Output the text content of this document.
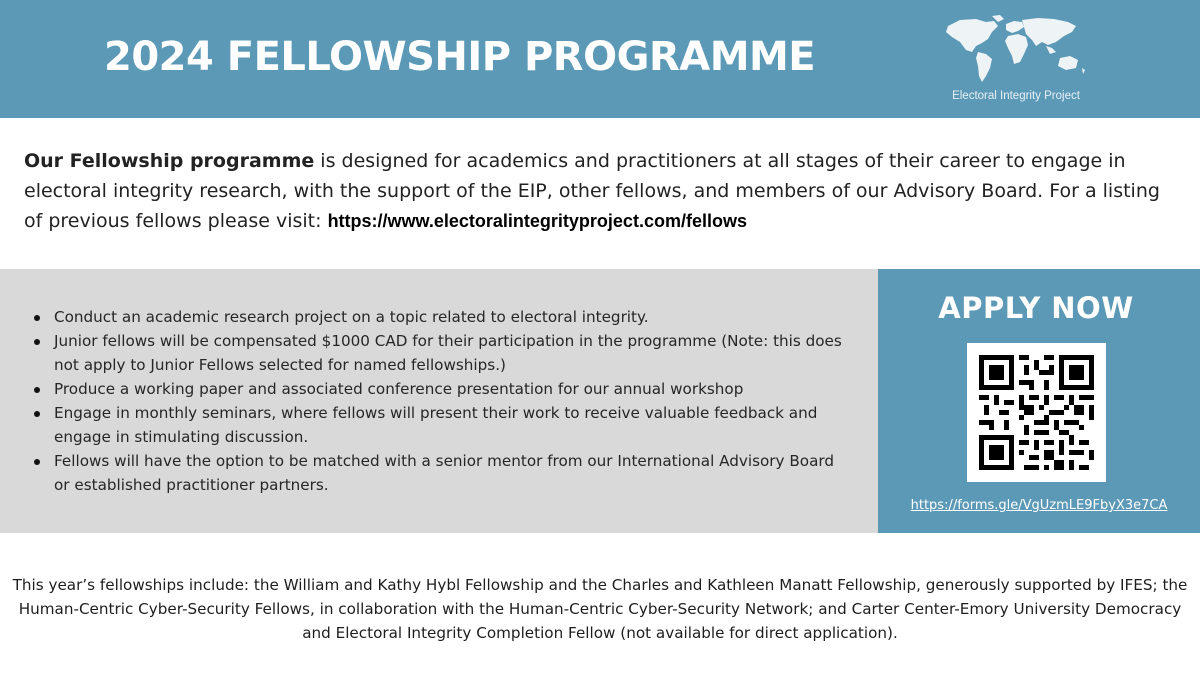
2024 FELLOWSHIP PROGRAMME
Electoral Integrity Project
Our Fellowship programme is designed for academics and practitioners at all stages of their career to engage in electoral integrity research, with the support of the EIP, other fellows, and members of our Advisory Board. For a listing of previous fellows please visit: https://www.electoralintegrityproject.com/fellows
Conduct an academic research project on a topic related to electoral integrity.
Junior fellows will be compensated $1000 CAD for their participation in the programme (Note: this does not apply to Junior Fellows selected for named fellowships.)
Produce a working paper and associated conference presentation for our annual workshop
Engage in monthly seminars, where fellows will present their work to receive valuable feedback and engage in stimulating discussion.
Fellows will have the option to be matched with a senior mentor from our International Advisory Board or established practitioner partners.
APPLY NOW
https://forms.gle/VgUzmLE9FbyX3e7CA
This year’s fellowships include: the William and Kathy Hybl Fellowship and the Charles and Kathleen Manatt Fellowship, generously supported by IFES; the Human-Centric Cyber-Security Fellows, in collaboration with the Human-Centric Cyber-Security Network; and Carter Center-Emory University Democracy and Electoral Integrity Completion Fellow (not available for direct application).
